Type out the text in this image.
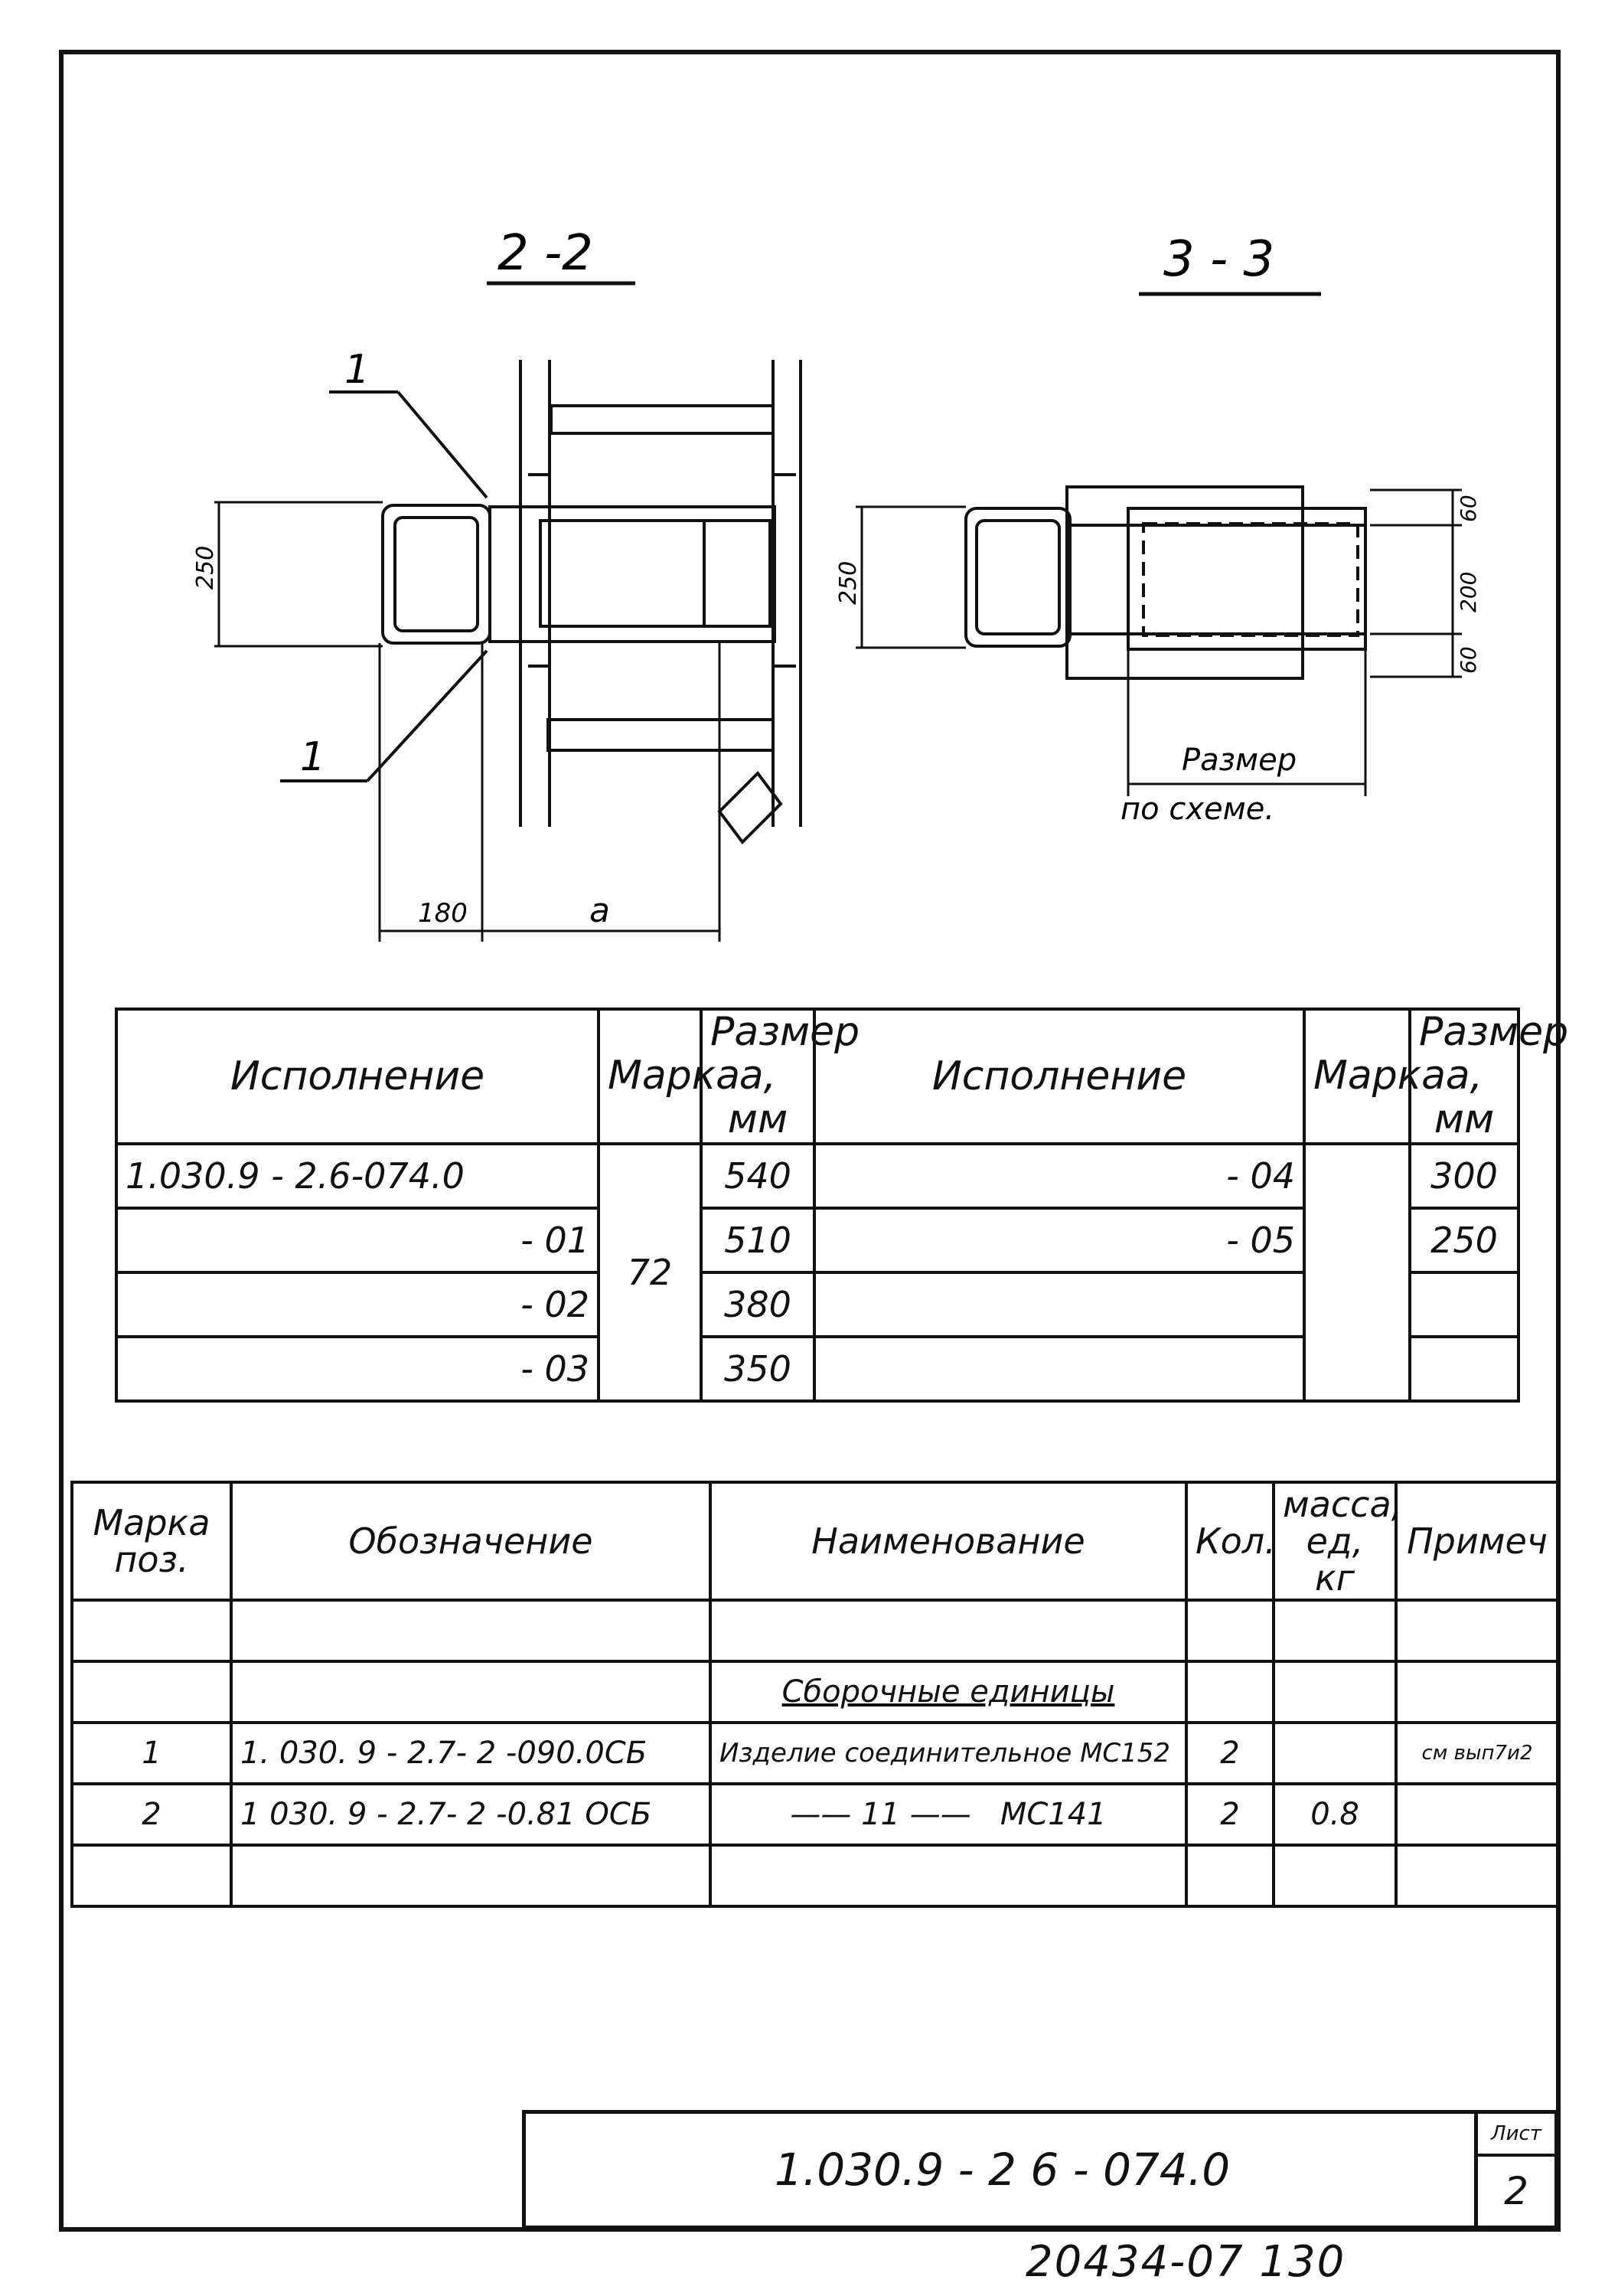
2 -2	3 - 3
1
1
250
180	a
250
60
200
60
Размер
по схеме.
Исполнение	Марка	Размер а, мм	Исполнение	Марка	Размер а, мм
1.030.9 - 2.6-074.0	72	540	- 04		300
- 01		510	- 05		250
- 02		380			
- 03		350			
Марка поз.	Обозначение	Наименование	Кол.	масса, ед, кг	Примеч

		Сборочные единицы			
1	1. 030. 9 - 2.7- 2 -090.0СБ	Изделие соединительное МС152	2		см вып7и2
2	1 030. 9 - 2.7- 2 -0.81 ОСБ	—— 11 —— МС141	2	0.8	

1.030.9 - 2 6 - 074.0
Лист
2
20434-07 130
